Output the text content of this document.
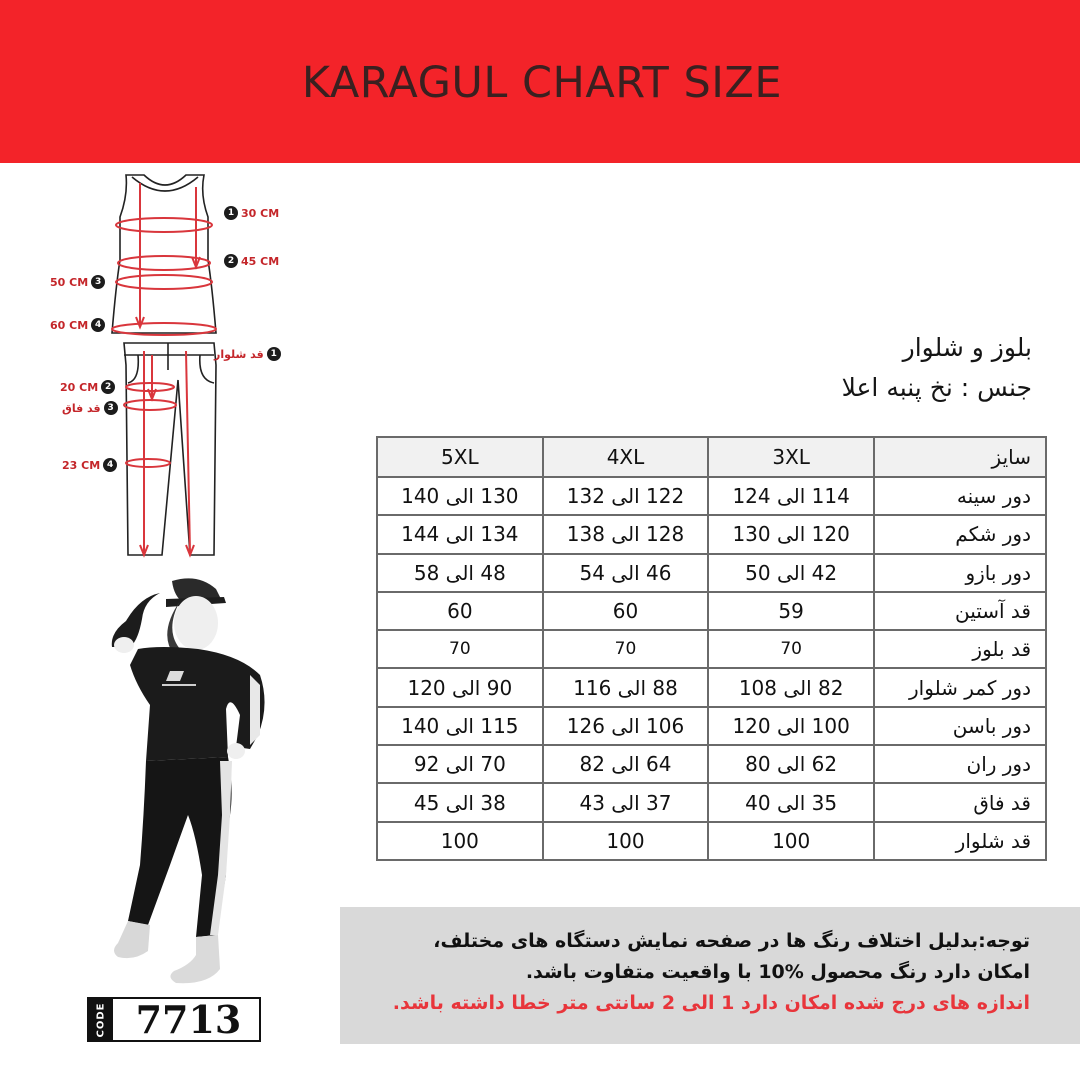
KARAGUL CHART SIZE
1 30 CM
2 45 CM
50 CM 3
60 CM 4
1
قد شلوار
20 CM 2
3
قد فاق
23 CM 4
CODE 7713
بلوز و شلوار
جنس : نخ پنبه اعلا
5XL	4XL	3XL	سایز
130 الی 140	122 الی 132	114 الی 124	دور سینه
134 الی 144	128 الی 138	120 الی 130	دور شکم
48 الی 58	46 الی 54	42 الی 50	دور بازو
60	60	59	قد آستین
70	70	70	قد بلوز
90 الی 120	88 الی 116	82 الی 108	دور کمر شلوار
115 الی 140	106 الی 126	100 الی 120	دور باسن
70 الی 92	64 الی 82	62 الی 80	دور ران
38 الی 45	37 الی 43	35 الی 40	قد فاق
100	100	100	قد شلوار

توجه:بدلیل اختلاف رنگ ها در صفحه نمایش دستگاه های مختلف،

امکان دارد رنگ محصول %10 با واقعیت متفاوت باشد.

اندازه های درج شده امکان دارد 1 الی 2 سانتی متر خطا داشته باشد.
